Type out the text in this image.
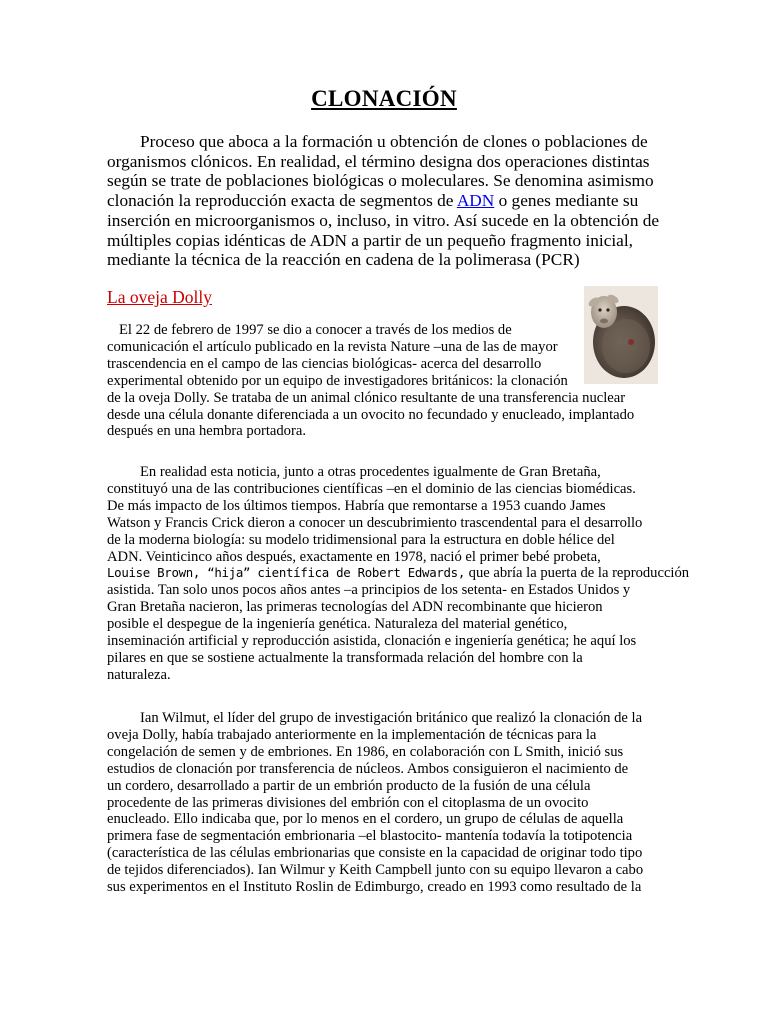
CLONACIÓN
Proceso que aboca a la formación u obtención de clones o poblaciones de
organismos clónicos. En realidad, el término designa dos operaciones distintas
según se trate de poblaciones biológicas o moleculares. Se denomina asimismo
clonación la reproducción exacta de segmentos de ADN o genes mediante su
inserción en microorganismos o, incluso, in vitro. Así sucede en la obtención de
múltiples copias idénticas de ADN a partir de un pequeño fragmento inicial,
mediante la técnica de la reacción en cadena de la polimerasa (PCR)
La oveja Dolly
El 22 de febrero de 1997 se dio a conocer a través de los medios de
comunicación el artículo publicado en la revista Nature –una de las de mayor
trascendencia en el campo de las ciencias biológicas- acerca del desarrollo
experimental obtenido por un equipo de investigadores británicos: la clonación
de la oveja Dolly. Se trataba de un animal clónico resultante de una transferencia nuclear
desde una célula donante diferenciada a un ovocito no fecundado y enucleado, implantado
después en una hembra portadora.
En realidad esta noticia, junto a otras procedentes igualmente de Gran Bretaña,
constituyó una de las contribuciones científicas –en el dominio de las ciencias biomédicas.
De más impacto de los últimos tiempos. Habría que remontarse a 1953 cuando James
Watson y Francis Crick dieron a conocer un descubrimiento trascendental para el desarrollo
de la moderna biología: su modelo tridimensional para la estructura en doble hélice del
ADN. Veinticinco años después, exactamente en 1978, nació el primer bebé probeta,
Louise Brown, “hija” científica de Robert Edwards, que abría la puerta de la reproducción
asistida. Tan solo unos pocos años antes –a principios de los setenta- en Estados Unidos y
Gran Bretaña nacieron, las primeras tecnologías del ADN recombinante que hicieron
posible el despegue de la ingeniería genética. Naturaleza del material genético,
inseminación artificial y reproducción asistida, clonación e ingeniería genética; he aquí los
pilares en que se sostiene actualmente la transformada relación del hombre con la
naturaleza.
Ian Wilmut, el líder del grupo de investigación británico que realizó la clonación de la
oveja Dolly, había trabajado anteriormente en la implementación de técnicas para la
congelación de semen y de embriones. En 1986, en colaboración con L Smith, inició sus
estudios de clonación por transferencia de núcleos. Ambos consiguieron el nacimiento de
un cordero, desarrollado a partir de un embrión producto de la fusión de una célula
procedente de las primeras divisiones del embrión con el citoplasma de un ovocito
enucleado. Ello indicaba que, por lo menos en el cordero, un grupo de células de aquella
primera fase de segmentación embrionaria –el blastocito- mantenía todavía la totipotencia
(característica de las células embrionarias que consiste en la capacidad de originar todo tipo
de tejidos diferenciados). Ian Wilmur y Keith Campbell junto con su equipo llevaron a cabo
sus experimentos en el Instituto Roslin de Edimburgo, creado en 1993 como resultado de la
